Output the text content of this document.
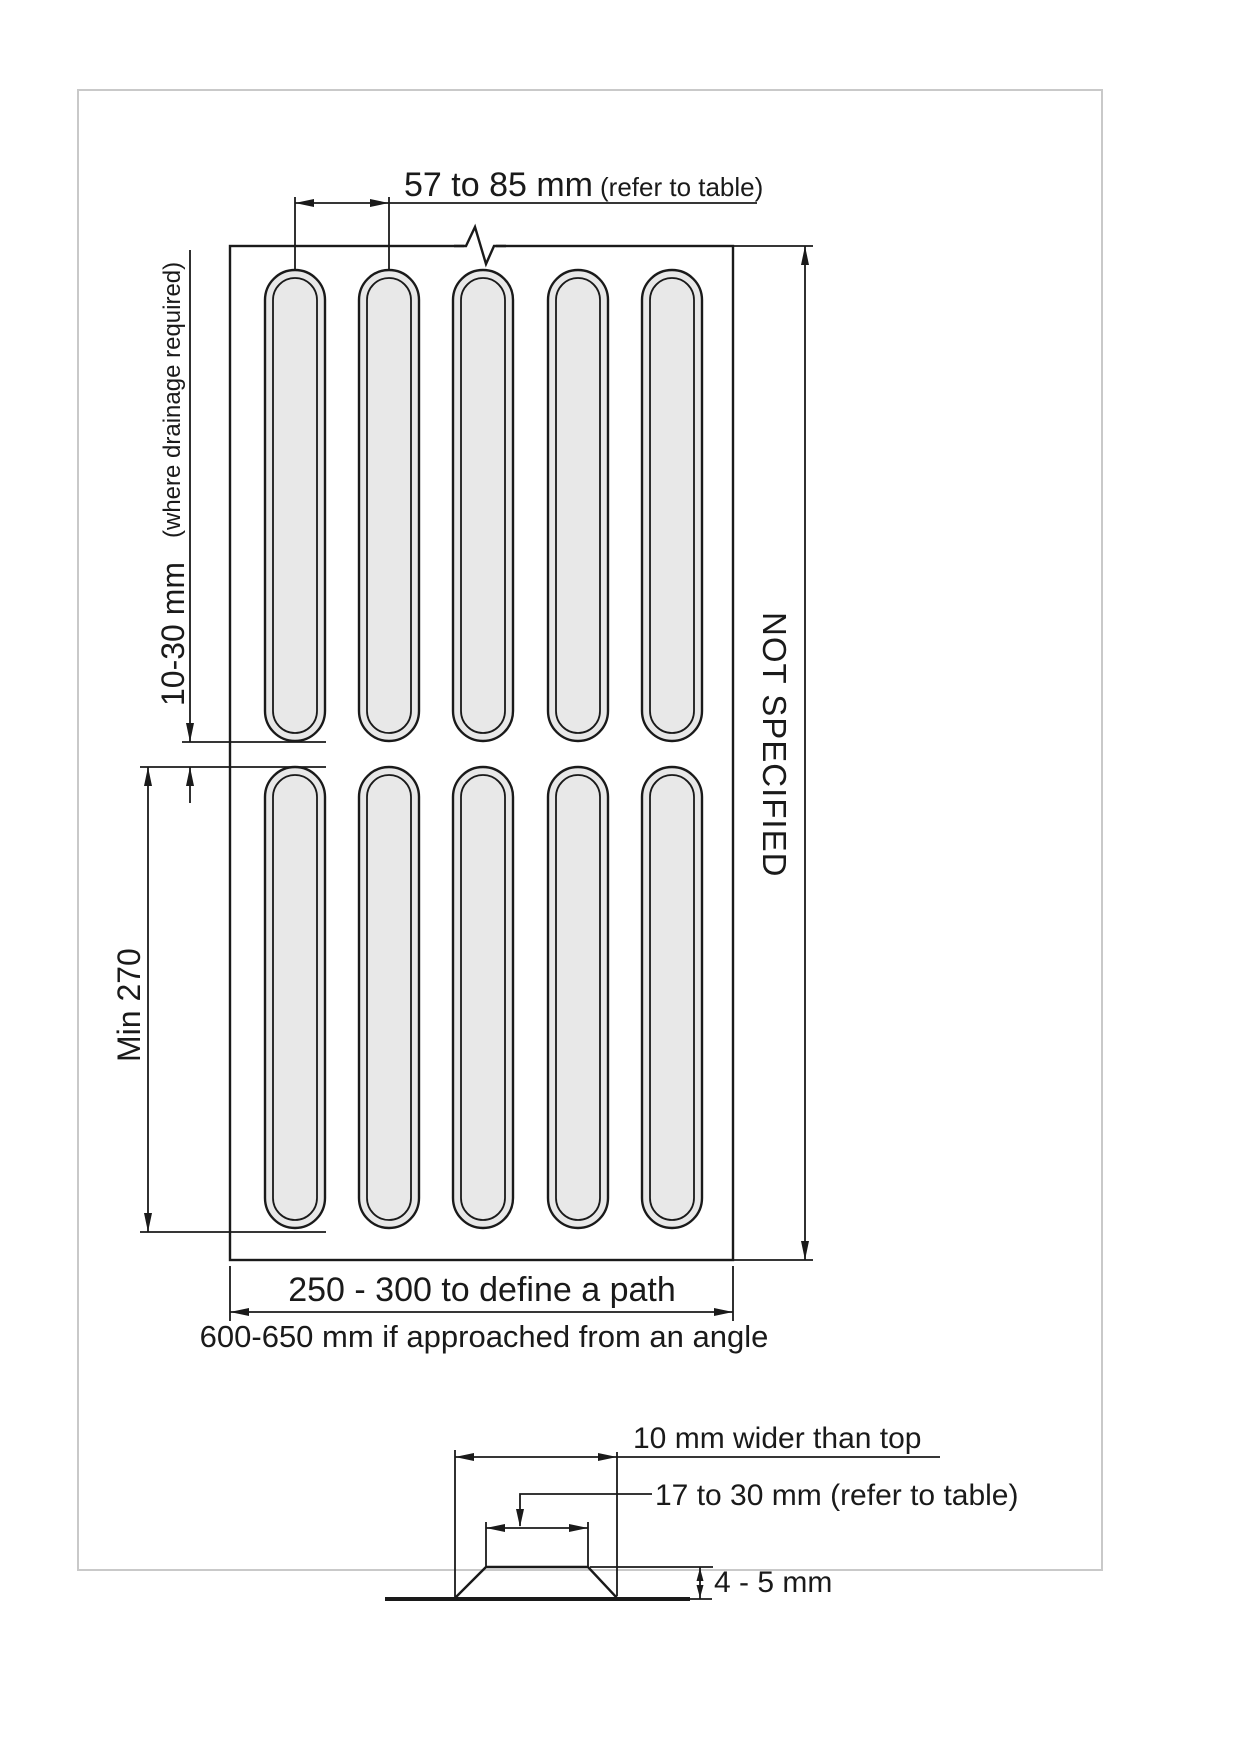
57 to 85 mm (refer to table)
10-30 mm
(where drainage required)
Min 270
NOT SPECIFIED
250 - 300 to define a path
600-650 mm if approached from an angle
10 mm wider than top
17 to 30 mm (refer to table)
4 - 5 mm
